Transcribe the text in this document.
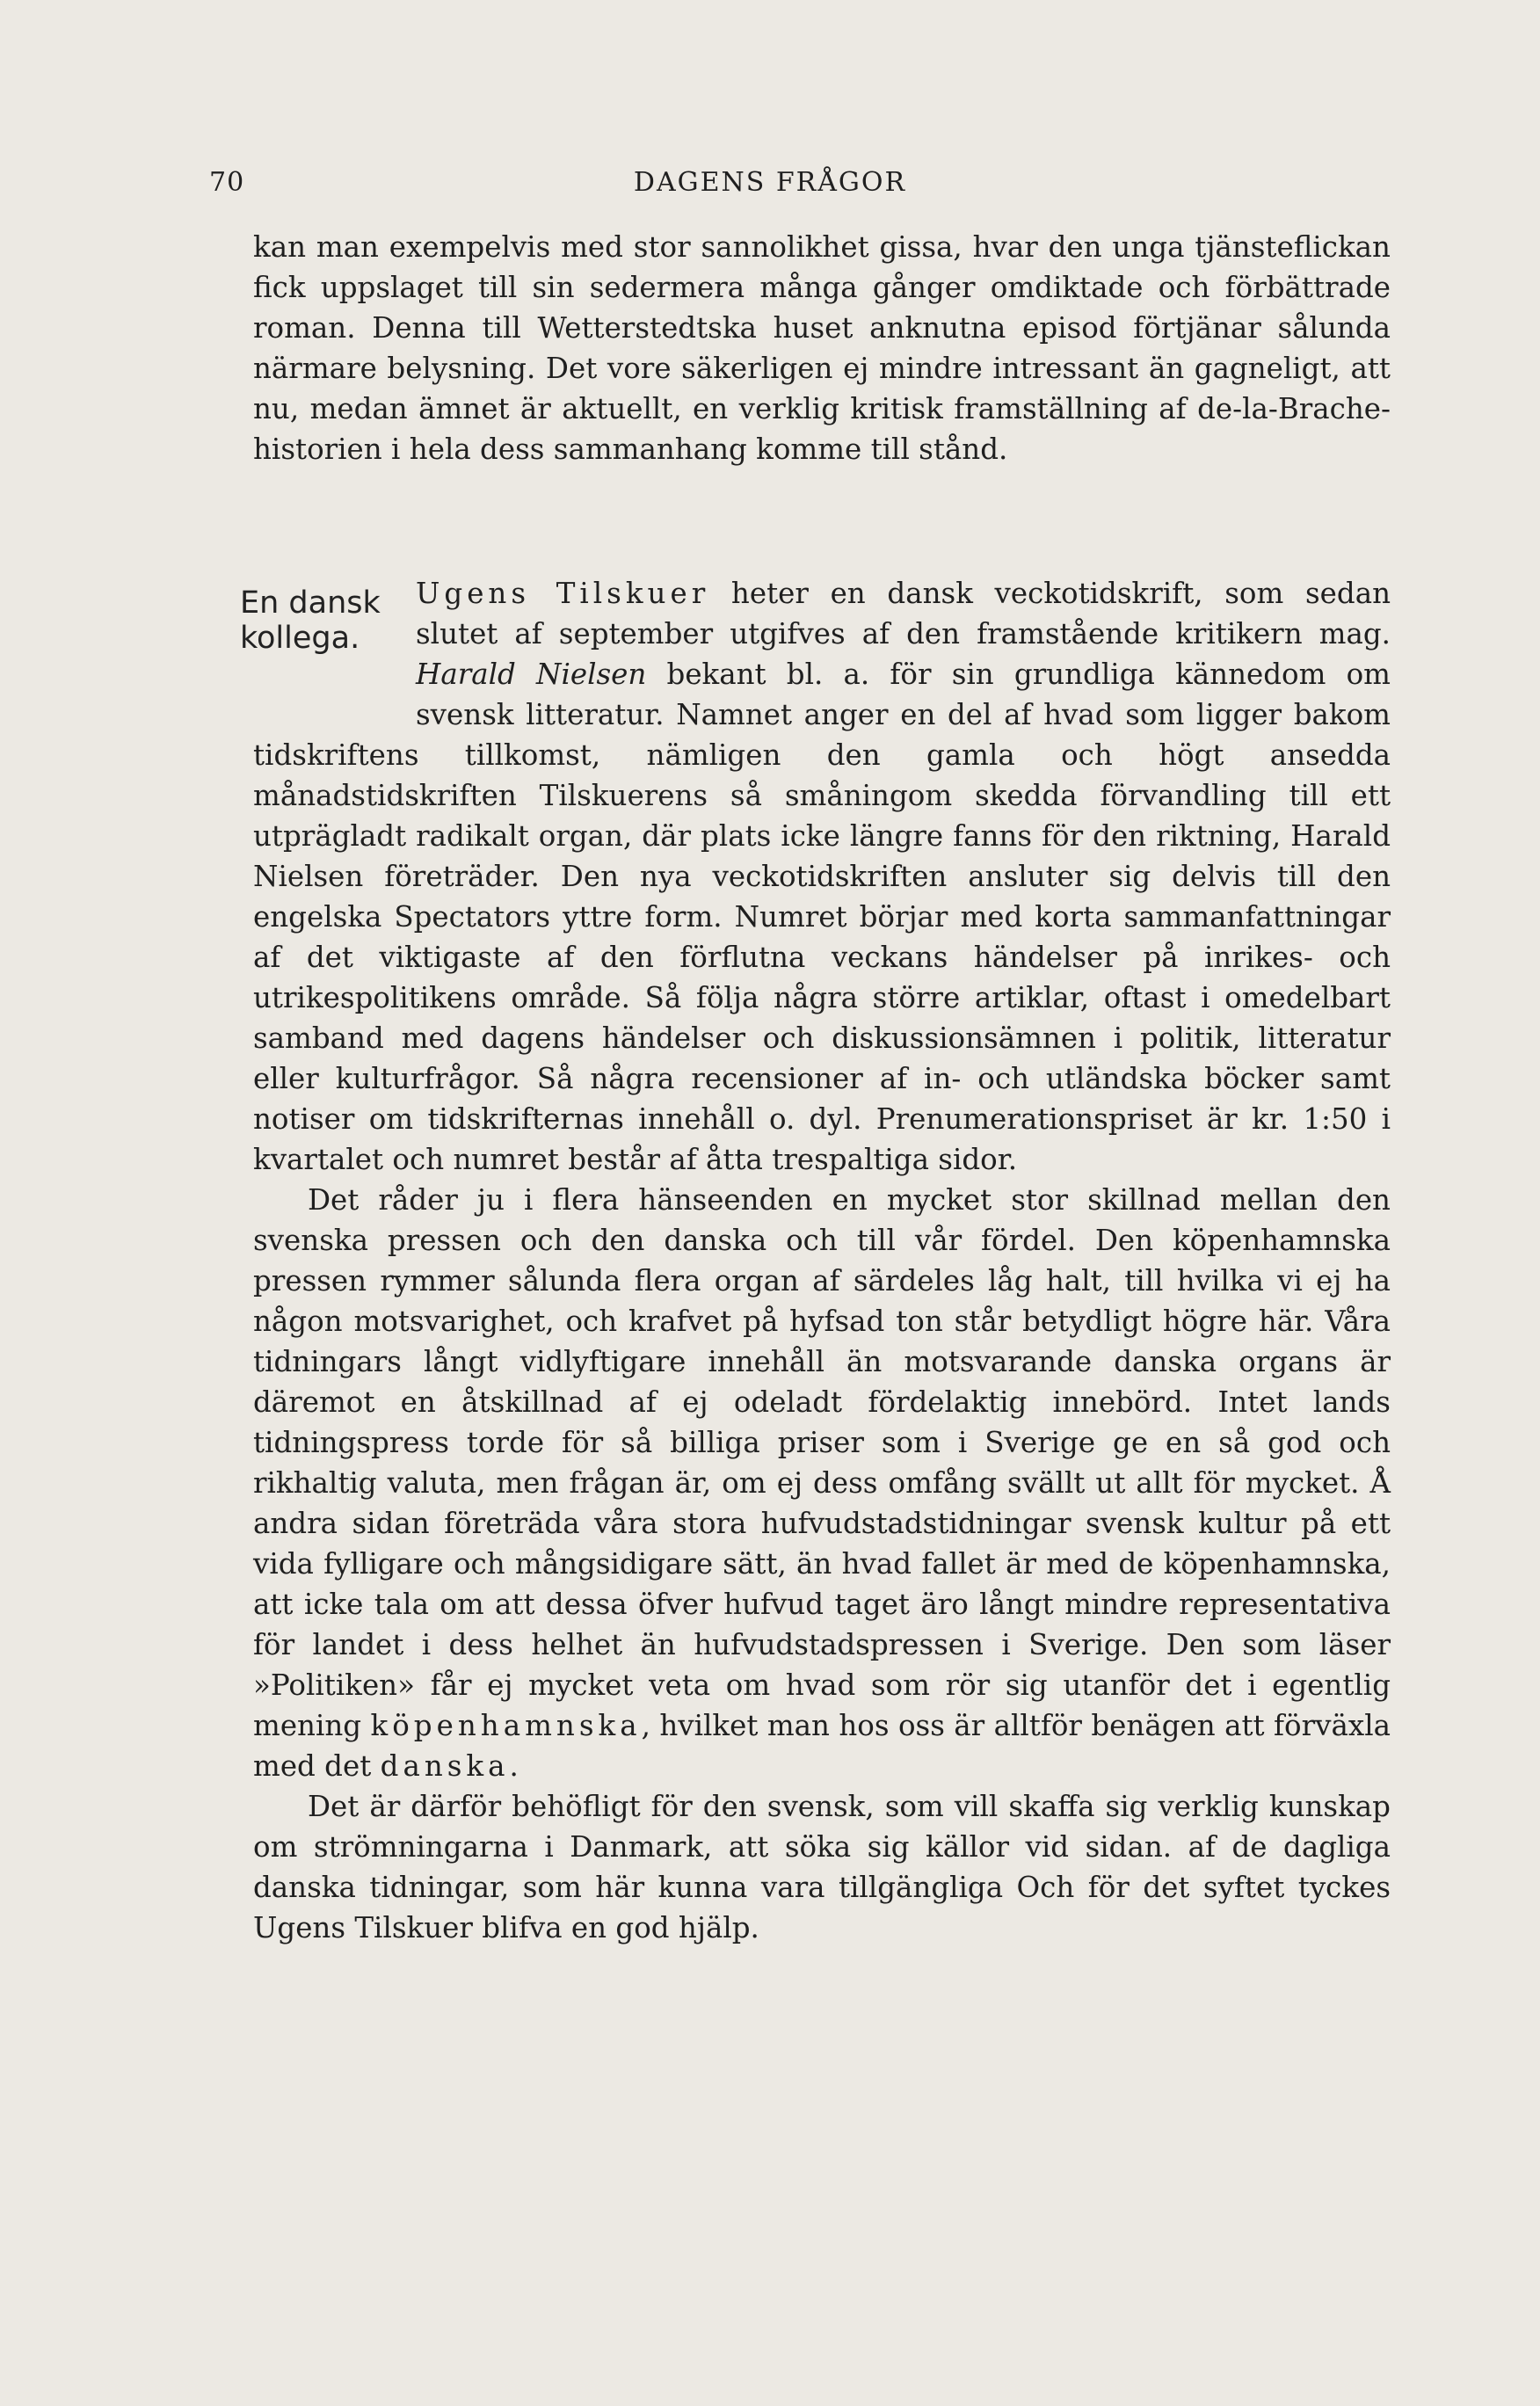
70	DAGENS FRÅGOR

kan man exempelvis med stor sannolikhet gissa, hvar den unga tjänsteflickan fick uppslaget till sin sedermera många gånger omdiktade och förbättrade roman. Denna till Wetterstedtska huset anknutna episod förtjänar sålunda närmare belysning. Det vore säkerligen ej mindre intressant än gagneligt, att nu, medan ämnet är aktuellt, en verklig kritisk framställning af de-la-Brache-historien i hela dess sammanhang komme till stånd.

En dansk
kollega.

Ugens Tilskuer heter en dansk veckotidskrift, som sedan slutet af september utgifves af den framstående kritikern mag. Harald Nielsen bekant bl. a. för sin grundliga kännedom om svensk litteratur. Namnet anger en del af hvad som ligger bakom tidskriftens tillkomst, nämligen den gamla och högt ansedda månadstidskriften Tilskuerens så småningom skedda förvandling till ett utprägladt radikalt organ, där plats icke längre fanns för den riktning, Harald Nielsen företräder. Den nya veckotidskriften ansluter sig delvis till den engelska Spectators yttre form. Numret börjar med korta sammanfattningar af det viktigaste af den förflutna veckans händelser på inrikes- och utrikespolitikens område. Så följa några större artiklar, oftast i omedelbart samband med dagens händelser och diskussionsämnen i politik, litteratur eller kulturfrågor. Så några recensioner af in- och utländska böcker samt notiser om tidskrifternas innehåll o. dyl. Prenumerationspriset är kr. 1:50 i kvartalet och numret består af åtta trespaltiga sidor.

Det råder ju i flera hänseenden en mycket stor skillnad mellan den svenska pressen och den danska och till vår fördel. Den köpenhamnska pressen rymmer sålunda flera organ af särdeles låg halt, till hvilka vi ej ha någon motsvarighet, och krafvet på hyfsad ton står betydligt högre här. Våra tidningars långt vidlyftigare innehåll än motsvarande danska organs är däremot en åtskillnad af ej odeladt fördelaktig innebörd. Intet lands tidningspress torde för så billiga priser som i Sverige ge en så god och rikhaltig valuta, men frågan är, om ej dess omfång svällt ut allt för mycket. Å andra sidan företräda våra stora hufvudstadstidningar svensk kultur på ett vida fylligare och mångsidigare sätt, än hvad fallet är med de köpenhamnska, att icke tala om att dessa öfver hufvud taget äro långt mindre representativa för landet i dess helhet än hufvudstadspressen i Sverige. Den som läser »Politiken» får ej mycket veta om hvad som rör sig utanför det i egentlig mening köpenhamnska, hvilket man hos oss är alltför benägen att förväxla med det danska.

Det är därför behöfligt för den svensk, som vill skaffa sig verklig kunskap om strömningarna i Danmark, att söka sig källor vid sidan. af de dagliga danska tidningar, som här kunna vara tillgängliga Och för det syftet tyckes Ugens Tilskuer blifva en god hjälp.
